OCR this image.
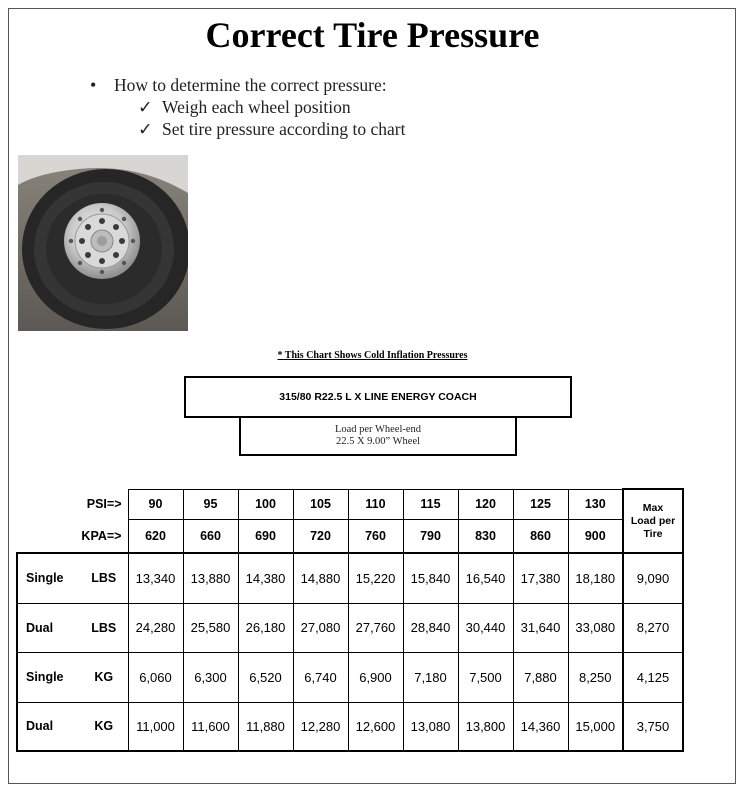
Correct Tire Pressure
• How to determine the correct pressure:
✓ Weigh each wheel position
✓ Set tire pressure according to chart
* This Chart Shows Cold Inflation Pressures
315/80 R22.5 L X LINE ENERGY COACH
Load per Wheel-end
22.5 X 9.00” Wheel
PSI=>		90	95	100	105	110	115	120	125	130	Max
Load per
Tire

KPA=>		620	660	690	720	760	790	830	860	900	
Single	LBS	13,340	13,880	14,380	14,880	15,220	15,840	16,540	17,380	18,180	9,090
Dual	LBS	24,280	25,580	26,180	27,080	27,760	28,840	30,440	31,640	33,080	8,270
Single	KG	6,060	6,300	6,520	6,740	6,900	7,180	7,500	7,880	8,250	4,125
Dual	KG	11,000	11,600	11,880	12,280	12,600	13,080	13,800	14,360	15,000	3,750
